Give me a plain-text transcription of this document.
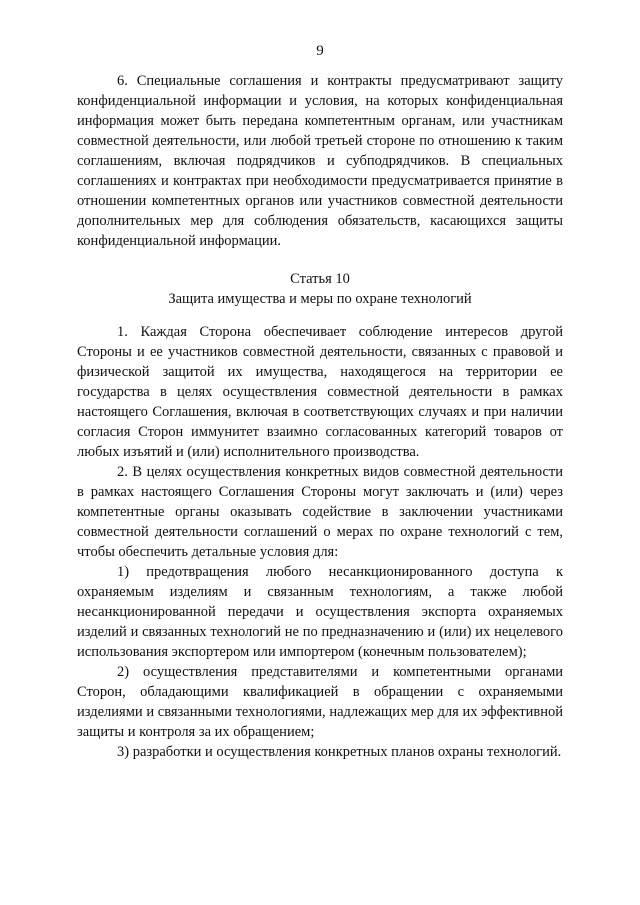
9

6. Специальные соглашения и контракты предусматривают защиту конфиденциальной информации и условия, на которых конфиденциальная информация может быть передана компетентным органам, или участникам совместной деятельности, или любой третьей стороне по отношению к таким соглашениям, включая подрядчиков и субподрядчиков. В специальных соглашениях и контрактах при необходимости предусматривается принятие в отношении компетентных органов или участников совместной деятельности дополнительных мер для соблюдения обязательств, касающихся защиты конфиденциальной информации.

Статья 10

Защита имущества и меры по охране технологий

1. Каждая Сторона обеспечивает соблюдение интересов другой Стороны и ее участников совместной деятельности, связанных с правовой и физической защитой их имущества, находящегося на территории ее государства в целях осуществления совместной деятельности в рамках настоящего Соглашения, включая в соответствующих случаях и при наличии согласия Сторон иммунитет взаимно согласованных категорий товаров от любых изъятий и (или) исполнительного производства.

2. В целях осуществления конкретных видов совместной деятельности в рамках настоящего Соглашения Стороны могут заключать и (или) через компетентные органы оказывать содействие в заключении участниками совместной деятельности соглашений о мерах по охране технологий с тем, чтобы обеспечить детальные условия для:

1) предотвращения любого несанкционированного доступа к охраняемым изделиям и связанным технологиям, а также любой несанкционированной передачи и осуществления экспорта охраняемых изделий и связанных технологий не по предназначению и (или) их нецелевого использования экспортером или импортером (конечным пользователем);

2) осуществления представителями и компетентными органами Сторон, обладающими квалификацией в обращении с охраняемыми изделиями и связанными технологиями, надлежащих мер для их эффективной защиты и контроля за их обращением;

3) разработки и осуществления конкретных планов охраны технологий.
